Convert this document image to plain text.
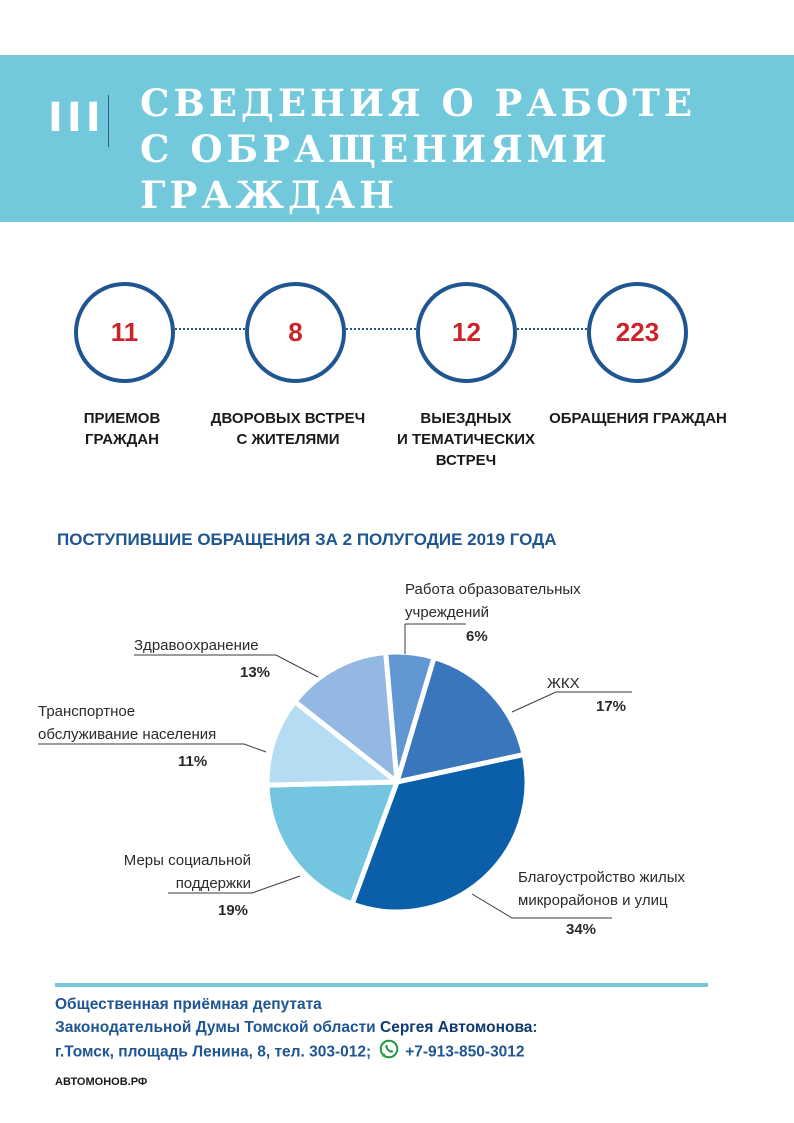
III СВЕДЕНИЯ О РАБОТЕ
С ОБРАЩЕНИЯМИ
ГРАЖДАН
11	8	12	223
ПРИЕМОВ
ГРАЖДАН
ДВОРОВЫХ ВСТРЕЧ
С ЖИТЕЛЯМИ
ВЫЕЗДНЫХ
И ТЕМАТИЧЕСКИХ
ВСТРЕЧ
ОБРАЩЕНИЯ ГРАЖДАН
ПОСТУПИВШИЕ ОБРАЩЕНИЯ ЗА 2 ПОЛУГОДИЕ 2019 ГОДА
Работа образовательных
учреждений
6%
ЖКХ
17%
Благоустройство жилых
микрорайонов и улиц
34%
Меры социальной
поддержки
19%
Транспортное
обслуживание населения
11%
Здравоохранение
13%
Общественная приёмная депутата
Законодательной Думы Томской области Сергея Автомонова:
г.Томск, площадь Ленина, 8, тел. 303-012; +7-913-850-3012
АВТОМОНОВ.РФ
